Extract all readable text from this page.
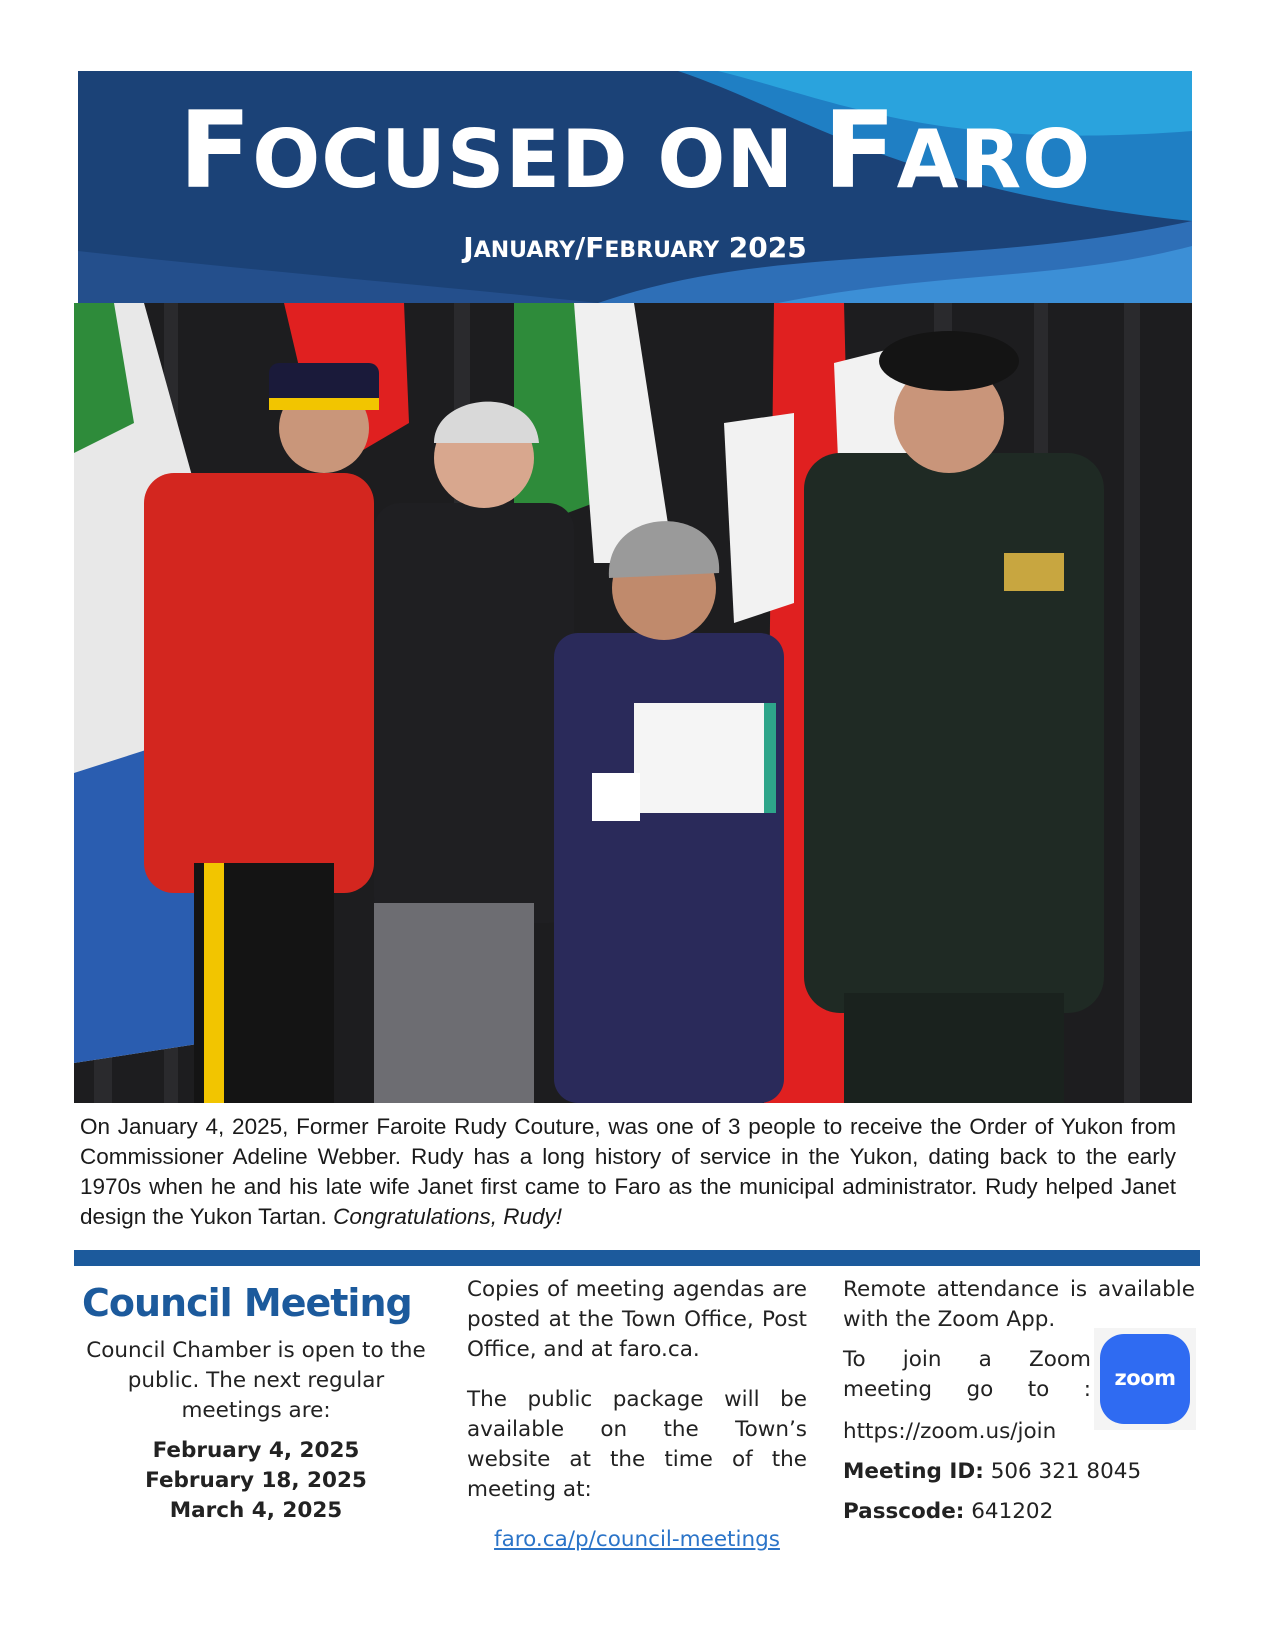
FOCUSED ON FARO
JANUARY/FEBRUARY 2025
On January 4, 2025, Former Faroite Rudy Couture, was one of 3 people to receive the Order of Yukon from Commissioner Adeline Webber. Rudy has a long history of service in the Yukon, dating back to the early 1970s when he and his late wife Janet first came to Faro as the municipal administrator. Rudy helped Janet design the Yukon Tartan. Congratulations, Rudy!
Council Meeting
Council Chamber is open to the public. The next regular meetings are:
February 4, 2025
February 18, 2025
March 4, 2025

Copies of meeting agendas are posted at the Town Office, Post Office, and at faro.ca.

The public package will be available on the Town’s website at the time of the meeting at:

faro.ca/p/council-meetings

Remote attendance is available with the Zoom App.

To join a Zoom meeting go to :

https://zoom.us/join

Meeting ID: 506 321 8045

Passcode: 641202

zoom
